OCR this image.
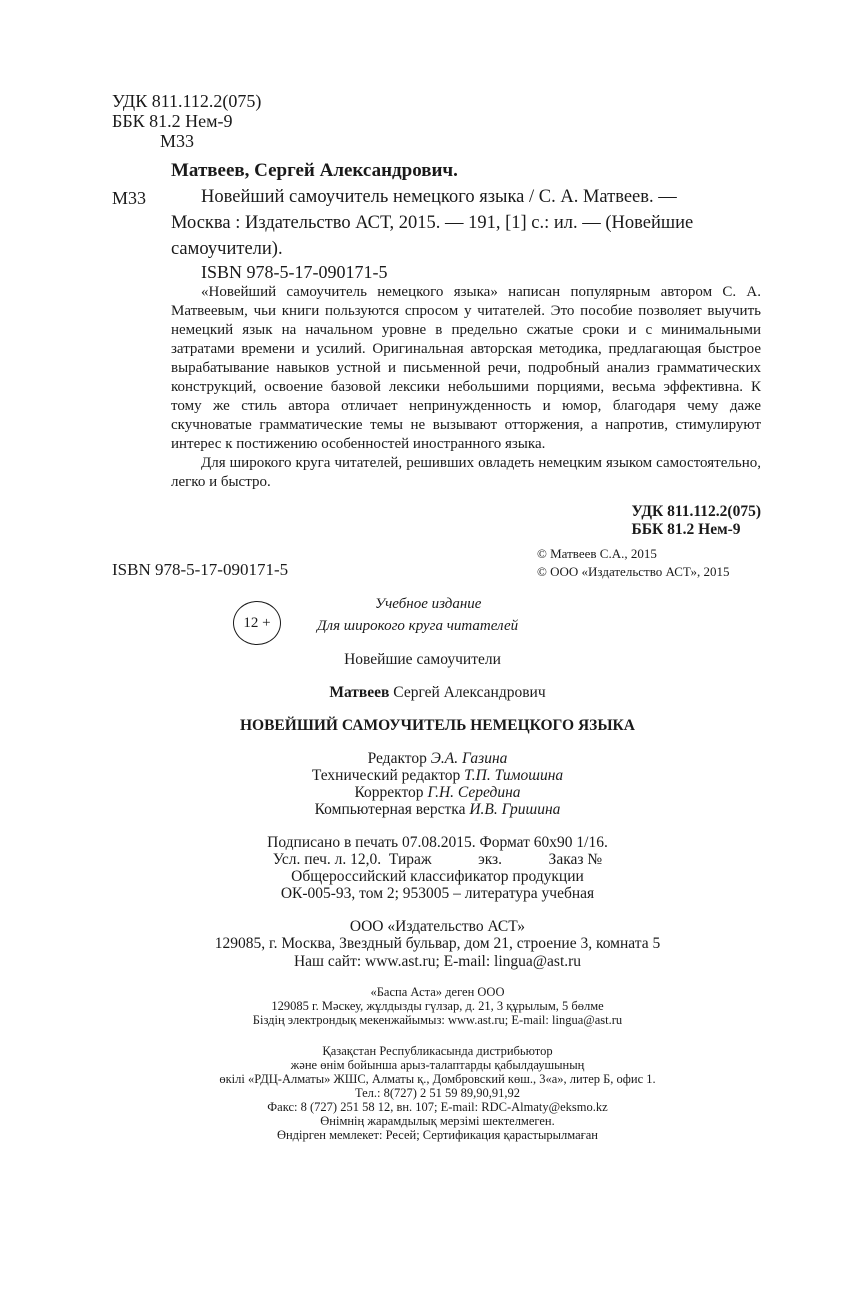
УДК 811.112.2(075)
ББК 81.2 Нем-9
М33
Матвеев, Сергей Александрович.
М33	Новейший самоучитель немецкого языка / С. А. Матвеев. —
Москва : Издательство АСТ, 2015. — 191, [1] с.: ил. — (Новейшие
самоучители).
ISBN 978-5-17-090171-5

«Новейший самоучитель немецкого языка» написан популярным автором С. А. Матвеевым, чьи книги пользуются спросом у читателей. Это пособие позволяет выучить немецкий язык на начальном уровне в предельно сжатые сроки и с минимальными затратами времени и усилий. Оригинальная авторская методика, предлагающая быстрое вырабатывание навыков устной и письменной речи, подробный анализ грамматических конструкций, освоение базовой лексики небольшими порциями, весьма эффективна. К тому же стиль автора отличает непринужденность и юмор, благодаря чему даже скучноватые грамматические темы не вызывают отторжения, а напротив, стимулируют интерес к постижению особенностей иностранного языка.

Для широкого круга читателей, решивших овладеть немецким языком самостоятельно, легко и быстро.

УДК 811.112.2(075)
ББК 81.2 Нем-9
© Матвеев С.А., 2015
© ООО «Издательство АСТ», 2015
ISBN 978-5-17-090171-5
12 +
Учебное издание
Для широкого круга читателей
Новейшие самоучители
Матвеев Сергей Александрович
НОВЕЙШИЙ САМОУЧИТЕЛЬ НЕМЕЦКОГО ЯЗЫКА
Редактор Э.А. Газина
Технический редактор Т.П. Тимошина
Корректор Г.Н. Середина
Компьютерная верстка И.В. Гришина
Подписано в печать 07.08.2015. Формат 60x90 1/16.
Усл. печ. л. 12,0.  Тираж            экз.            Заказ №
Общероссийский классификатор продукции
ОК-005-93, том 2; 953005 – литература учебная
ООО «Издательство АСТ»
129085, г. Москва, Звездный бульвар, дом 21, строение 3, комната 5
Наш сайт: www.ast.ru; E-mail: lingua@ast.ru
«Баспа Аста» деген ООО
129085 г. Мәскеу, жұлдызды гүлзар, д. 21, 3 құрылым, 5 бөлме
Біздің электрондық мекенжайымыз: www.ast.ru; E-mail: lingua@ast.ru
Қазақстан Республикасында дистрибьютор
және өнім бойынша арыз-талаптарды қабылдаушының
өкілі «РДЦ-Алматы» ЖШС, Алматы қ., Домбровский көш., 3«а», литер Б, офис 1.
Тел.: 8(727) 2 51 59 89,90,91,92
Факс: 8 (727) 251 58 12, вн. 107; E-mail: RDC-Almaty@eksmo.kz
Өнімнің жарамдылық мерзімі шектелмеген.
Өндірген мемлекет: Ресей; Сертификация қарастырылмаған
